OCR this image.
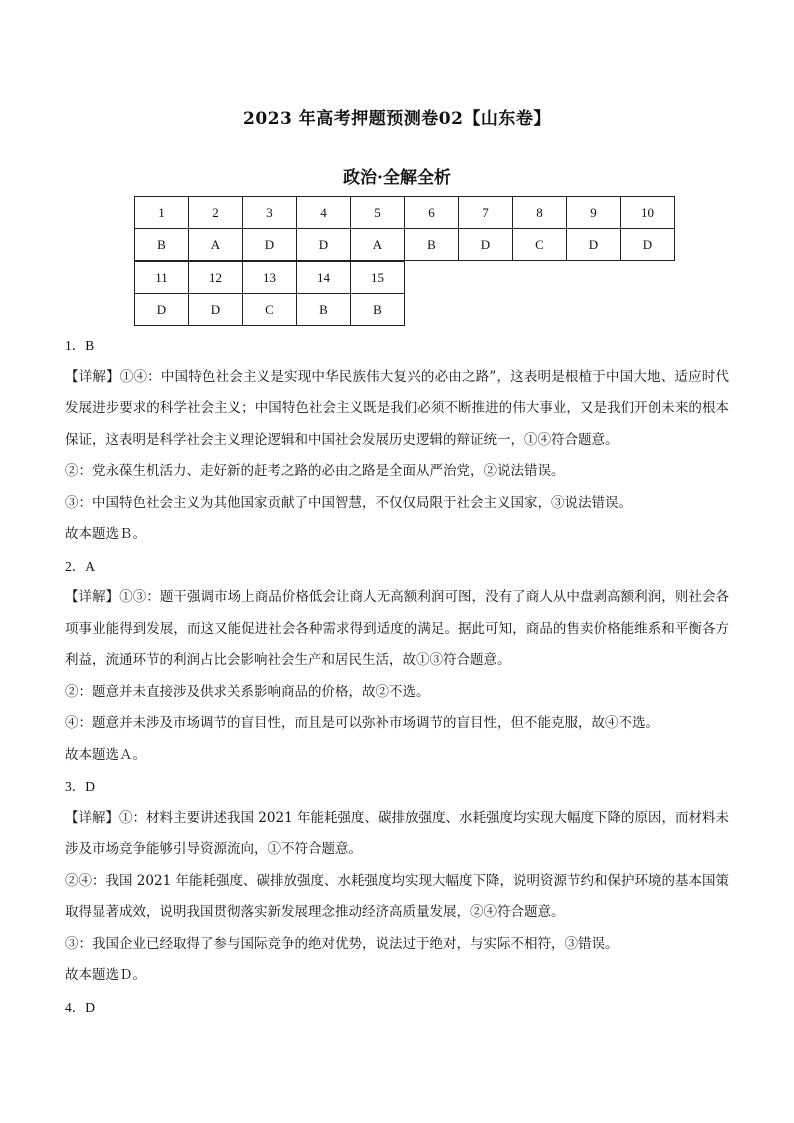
2023 年高考押题预测卷02【山东卷】
政治·全解全析
1	2	3	4	5	6	7	8	9	10
B	A	D	D	A	B	D	C	D	D
11	12	13	14	15
D	D	C	B	B

1．B

【详解】①④：中国特色社会主义是实现中华民族伟大复兴的必由之路”，这表明是根植于中国大地、适应时代发展进步要求的科学社会主义；中国特色社会主义既是我们必须不断推进的伟大事业，又是我们开创未来的根本保证，这表明是科学社会主义理论逻辑和中国社会发展历史逻辑的辩证统一，①④符合题意。

②：党永葆生机活力、走好新的赶考之路的必由之路是全面从严治党，②说法错误。

③：中国特色社会主义为其他国家贡献了中国智慧，不仅仅局限于社会主义国家，③说法错误。

故本题选Ｂ。

2．A

【详解】①③：题干强调市场上商品价格低会让商人无高额利润可图，没有了商人从中盘剥高额利润，则社会各项事业能得到发展，而这又能促进社会各种需求得到适度的满足。据此可知，商品的售卖价格能维系和平衡各方利益，流通环节的利润占比会影响社会生产和居民生活，故①③符合题意。

②：题意并未直接涉及供求关系影响商品的价格，故②不选。

④：题意并未涉及市场调节的盲目性，而且是可以弥补市场调节的盲目性，但不能克服，故④不选。

故本题选Ａ。

3．D

【详解】①：材料主要讲述我国 2021 年能耗强度、碳排放强度、水耗强度均实现大幅度下降的原因，而材料未涉及市场竞争能够引导资源流向，①不符合题意。

②④：我国 2021 年能耗强度、碳排放强度、水耗强度均实现大幅度下降，说明资源节约和保护环境的基本国策取得显著成效，说明我国贯彻落实新发展理念推动经济高质量发展，②④符合题意。

③：我国企业已经取得了参与国际竞争的绝对优势，说法过于绝对，与实际不相符，③错误。

故本题选Ｄ。

4．D
